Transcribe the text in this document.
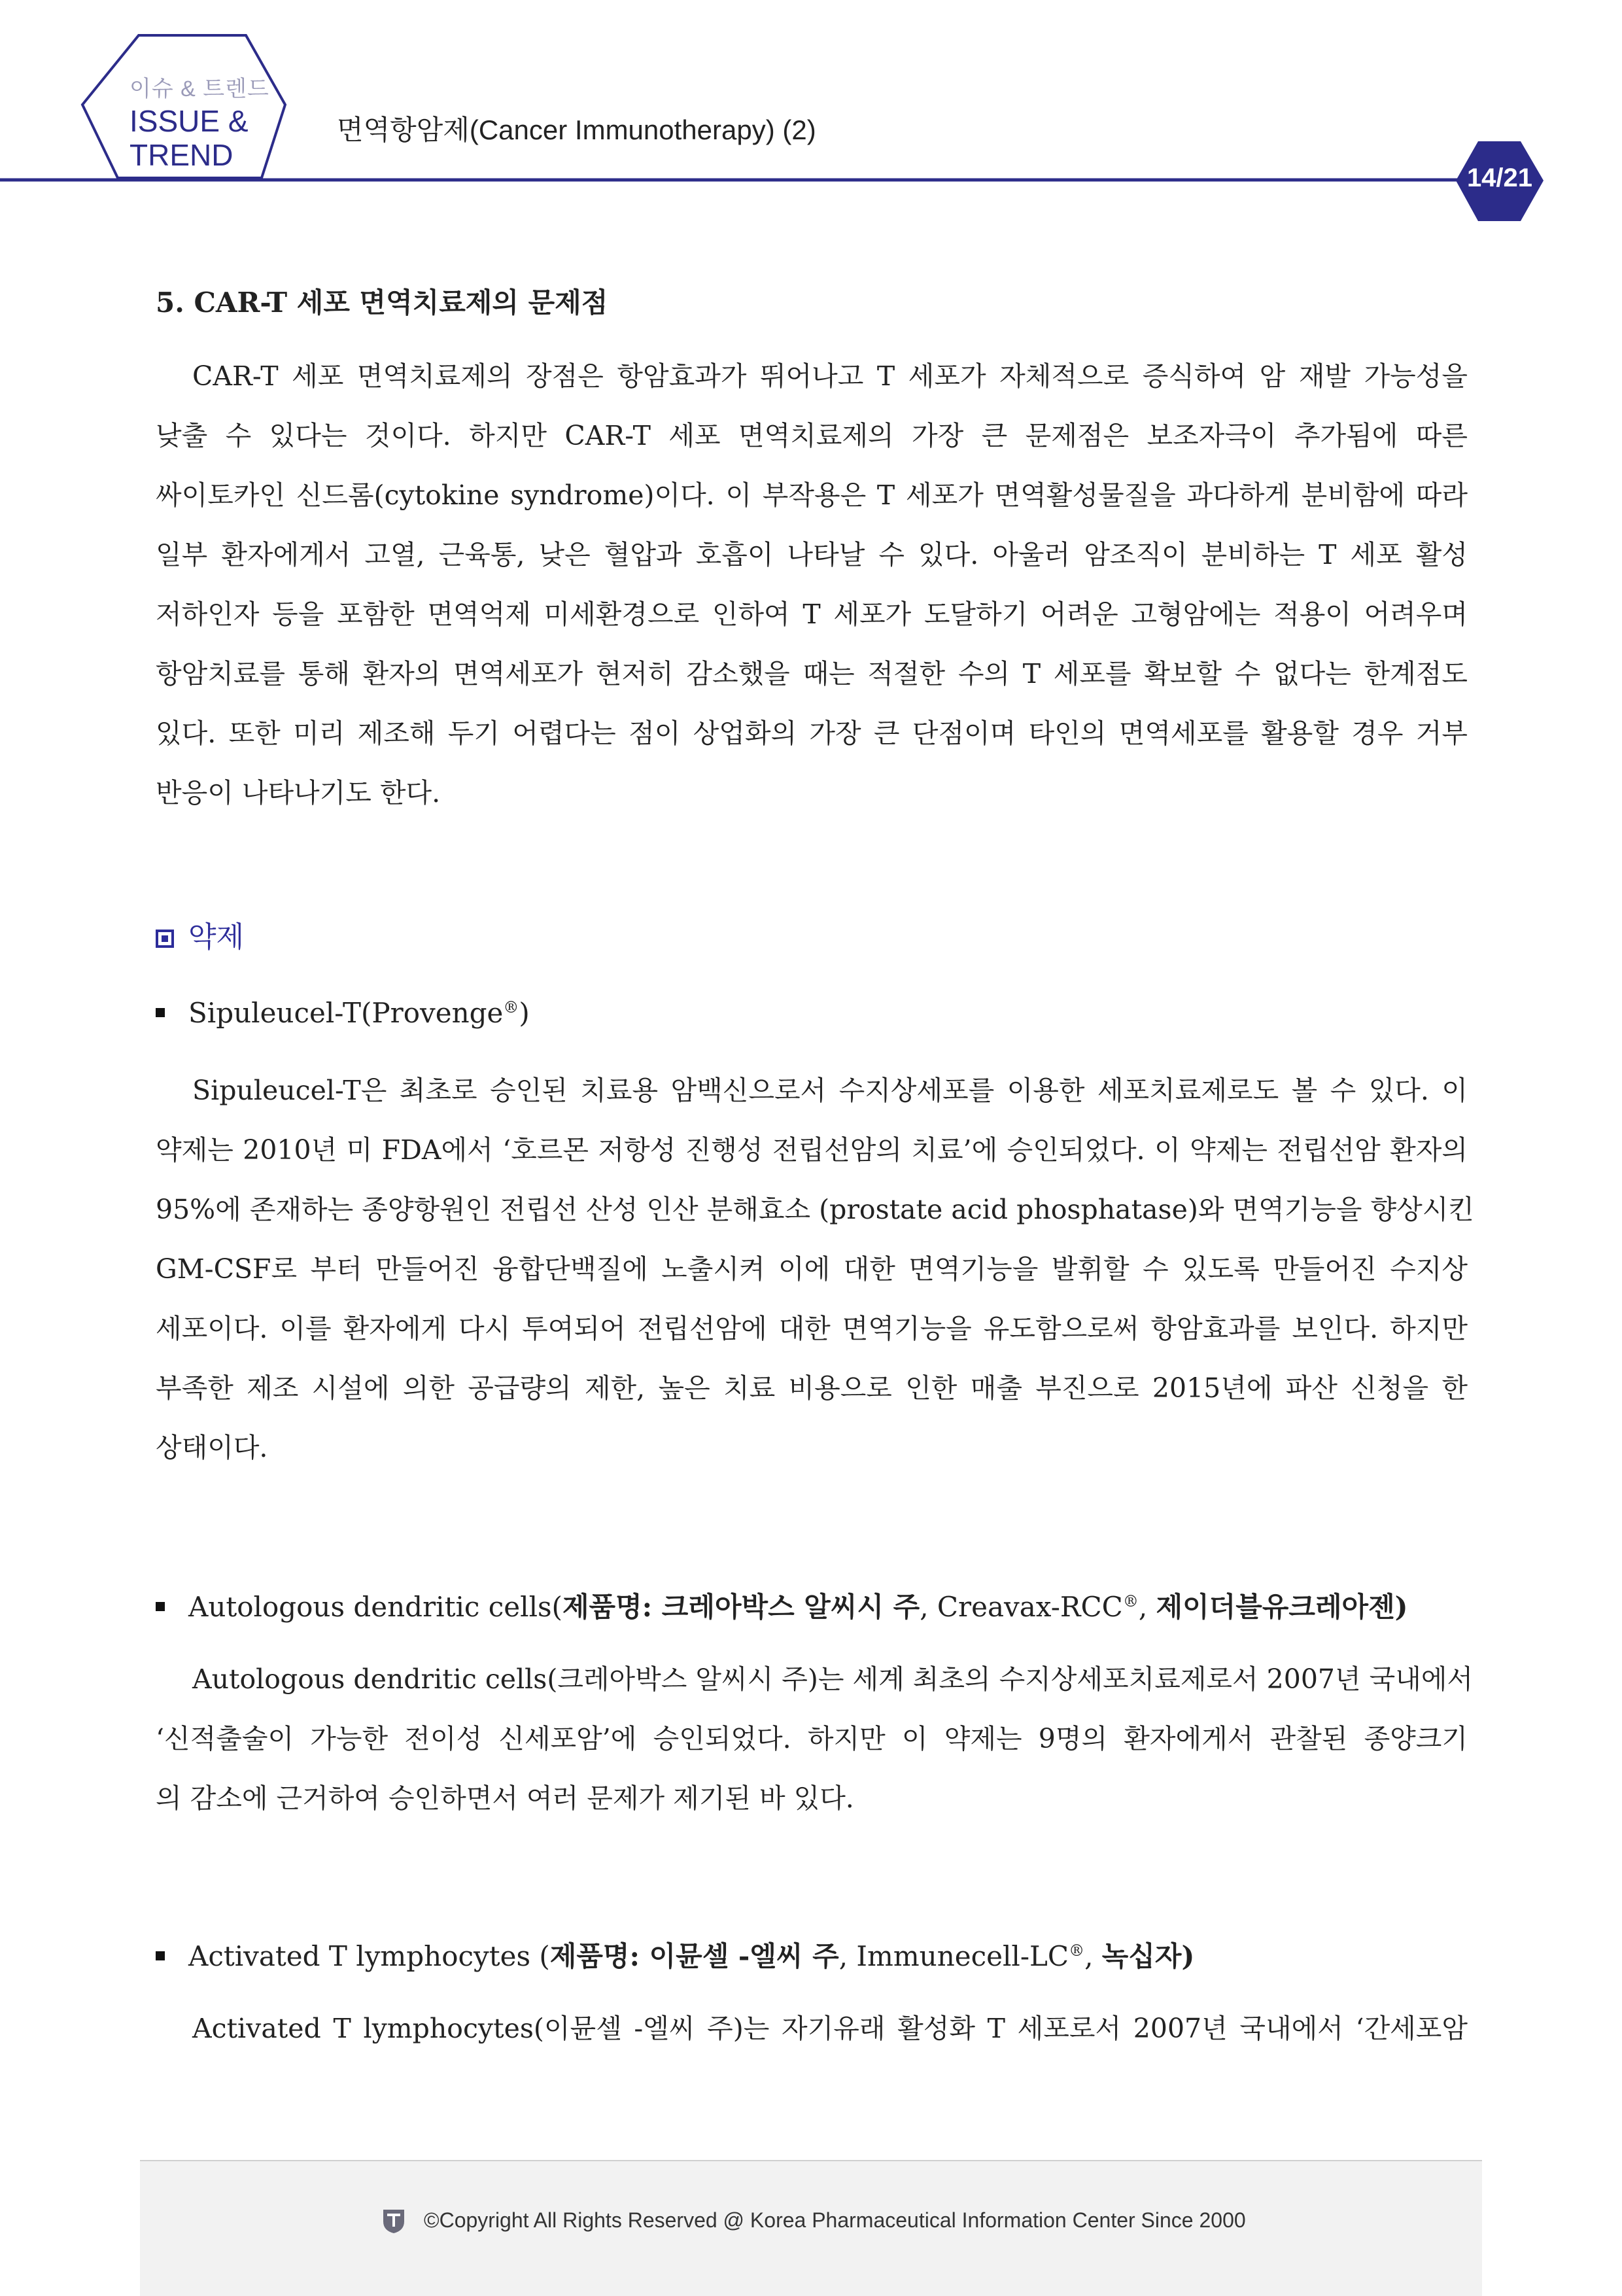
이슈 & 트렌드
ISSUE &
TREND
면역항암제(Cancer Immunotherapy) (2)
14/21
5. CAR-T 세포 면역치료제의 문제점
CAR-T 세포 면역치료제의 장점은 항암효과가 뛰어나고 T 세포가 자체적으로 증식하여 암 재발 가능성을
낮출 수 있다는 것이다. 하지만 CAR-T 세포 면역치료제의 가장 큰 문제점은 보조자극이 추가됨에 따른
싸이토카인 신드롬(cytokine syndrome)이다. 이 부작용은 T 세포가 면역활성물질을 과다하게 분비함에 따라
일부 환자에게서 고열, 근육통, 낮은 혈압과 호흡이 나타날 수 있다. 아울러 암조직이 분비하는 T 세포 활성
저하인자 등을 포함한 면역억제 미세환경으로 인하여 T 세포가 도달하기 어려운 고형암에는 적용이 어려우며
항암치료를 통해 환자의 면역세포가 현저히 감소했을 때는 적절한 수의 T 세포를 확보할 수 없다는 한계점도
있다. 또한 미리 제조해 두기 어렵다는 점이 상업화의 가장 큰 단점이며 타인의 면역세포를 활용할 경우 거부
반응이 나타나기도 한다.
약제
Sipuleucel-T(Provenge®)
Sipuleucel-T은 최초로 승인된 치료용 암백신으로서 수지상세포를 이용한 세포치료제로도 볼 수 있다. 이
약제는 2010년 미 FDA에서 ‘호르몬 저항성 진행성 전립선암의 치료’에 승인되었다. 이 약제는 전립선암 환자의
95%에 존재하는 종양항원인 전립선 산성 인산 분해효소 (prostate acid phosphatase)와 면역기능을 향상시킨
GM-CSF로 부터 만들어진 융합단백질에 노출시켜 이에 대한 면역기능을 발휘할 수 있도록 만들어진 수지상
세포이다. 이를 환자에게 다시 투여되어 전립선암에 대한 면역기능을 유도함으로써 항암효과를 보인다. 하지만
부족한 제조 시설에 의한 공급량의 제한, 높은 치료 비용으로 인한 매출 부진으로 2015년에 파산 신청을 한
상태이다.
Autologous dendritic cells(제품명: 크레아박스 알씨시 주, Creavax-RCC®, 제이더블유크레아젠)
Autologous dendritic cells(크레아박스 알씨시 주)는 세계 최초의 수지상세포치료제로서 2007년 국내에서
‘신적출술이 가능한 전이성 신세포암’에 승인되었다. 하지만 이 약제는 9명의 환자에게서 관찰된 종양크기
의 감소에 근거하여 승인하면서 여러 문제가 제기된 바 있다.
Activated T lymphocytes (제품명: 이뮨셀 -엘씨 주, Immunecell-LC®, 녹십자)
Activated T lymphocytes(이뮨셀 -엘씨 주)는 자기유래 활성화 T 세포로서 2007년 국내에서 ‘간세포암
©Copyright All Rights Reserved @ Korea Pharmaceutical Information Center Since 2000
